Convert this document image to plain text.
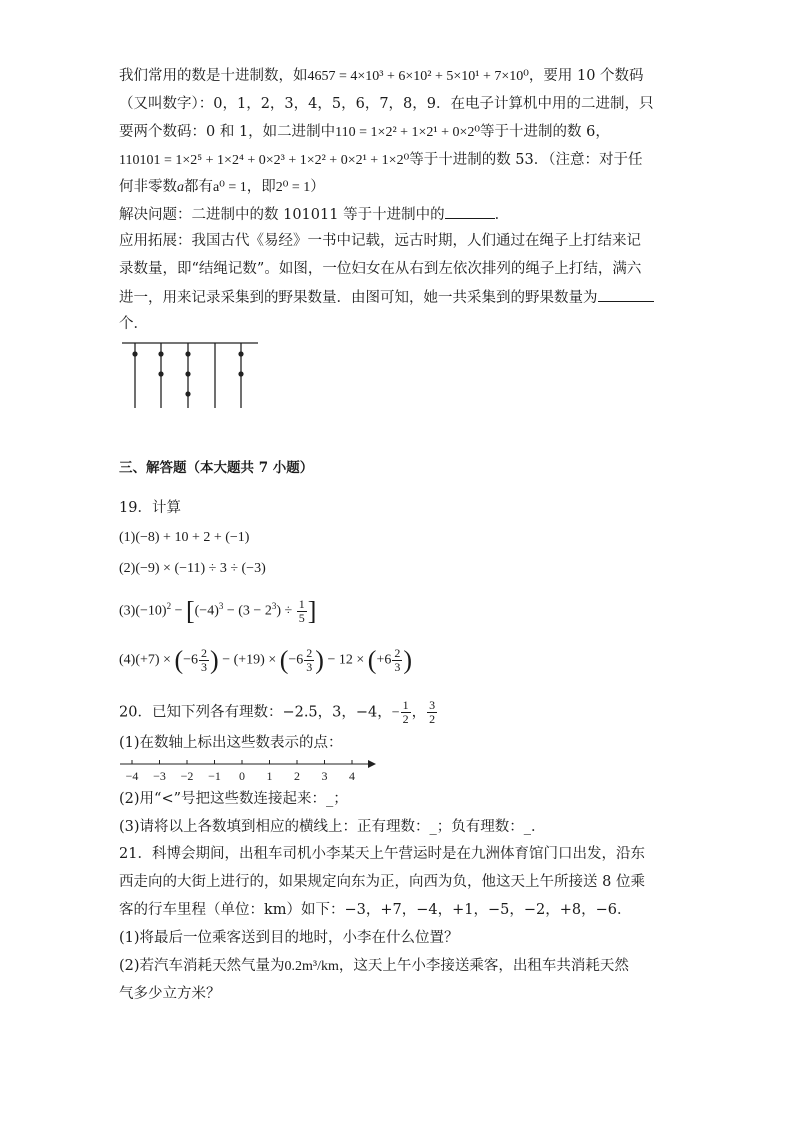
我们常用的数是十进制数，如4657 = 4×10³ + 6×10² + 5×10¹ + 7×10⁰，要用 10 个数码
（又叫数字）：0，1，2，3，4，5，6，7，8，9．在电子计算机中用的二进制，只
要两个数码：0 和 1，如二进制中110 = 1×2² + 1×2¹ + 0×2⁰等于十进制的数 6，
110101 = 1×2⁵ + 1×2⁴ + 0×2³ + 1×2² + 0×2¹ + 1×2⁰等于十进制的数 53．（注意：对于任
何非零数a都有a⁰ = 1，即2⁰ = 1）
解决问题：二进制中的数 101011 等于十进制中的	．
应用拓展：我国古代《易经》一书中记载，远古时期，人们通过在绳子上打结来记
录数量，即“结绳记数”。如图，一位妇女在从右到左依次排列的绳子上打结，满六
进一，用来记录采集到的野果数量．由图可知，她一共采集到的野果数量为
个．
三、解答题（本大题共 7 小题）
19．计算
(1)(−8) + 10 + 2 + (−1)
(2)(−9) × (−11) ÷ 3 ÷ (−3)
$(3)(-10)^2 - [(-4)^3 - (3 - 2^3) \div \frac{1}{5}$ ]
$(4)(+7) \times (-6 \frac{2}{3}$ ) − $(+19) \times (-6 \frac{2}{3}$ ) − $12 \times (+6 \frac{2}{3}$ )
20．已知下列各有理数：−2.5，3，−4，− $\frac{1}{2}$ ， $\frac{3}{2}$
(1)在数轴上标出这些数表示的点：
−4 −3 −2 −1 0 1 2 3 4
(2)用“<”号把这些数连接起来：_；
(3)请将以上各数填到相应的横线上：正有理数：_；负有理数：_．
21．科博会期间，出租车司机小李某天上午营运时是在九洲体育馆门口出发，沿东
西走向的大街上进行的，如果规定向东为正，向西为负，他这天上午所接送 8 位乘
客的行车里程（单位：km）如下：−3，+7，−4，+1，−5，−2，+8，−6．
(1)将最后一位乘客送到目的地时，小李在什么位置？
(2)若汽车消耗天然气量为0.2m³/km，这天上午小李接送乘客，出租车共消耗天然
气多少立方米？
